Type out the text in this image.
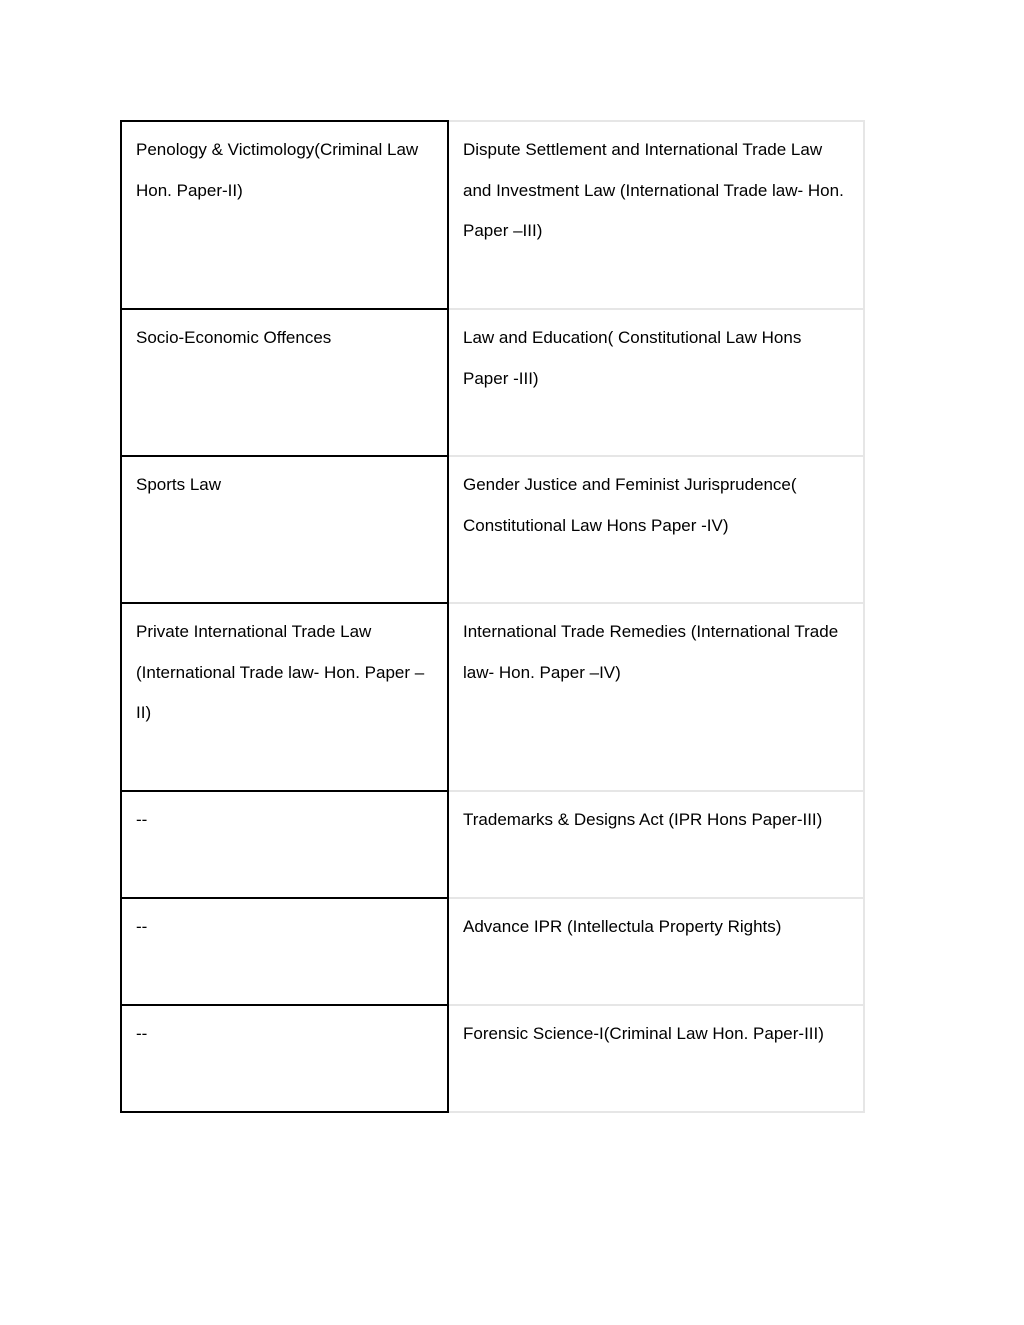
Penology & Victimology(Criminal Law Hon. Paper-II)	Dispute Settlement and International Trade Law and Investment Law (International Trade law- Hon. Paper –III)
Socio-Economic Offences	Law and Education( Constitutional Law Hons Paper -III)
Sports Law	Gender Justice and Feminist Jurisprudence( Constitutional Law Hons Paper -IV)
Private International Trade Law (International Trade law- Hon. Paper –II)	International Trade Remedies (International Trade law- Hon. Paper –IV)
--	Trademarks & Designs Act (IPR Hons Paper-III)
--	Advance IPR (Intellectula Property Rights)
--	Forensic Science-I(Criminal Law Hon. Paper-III)
